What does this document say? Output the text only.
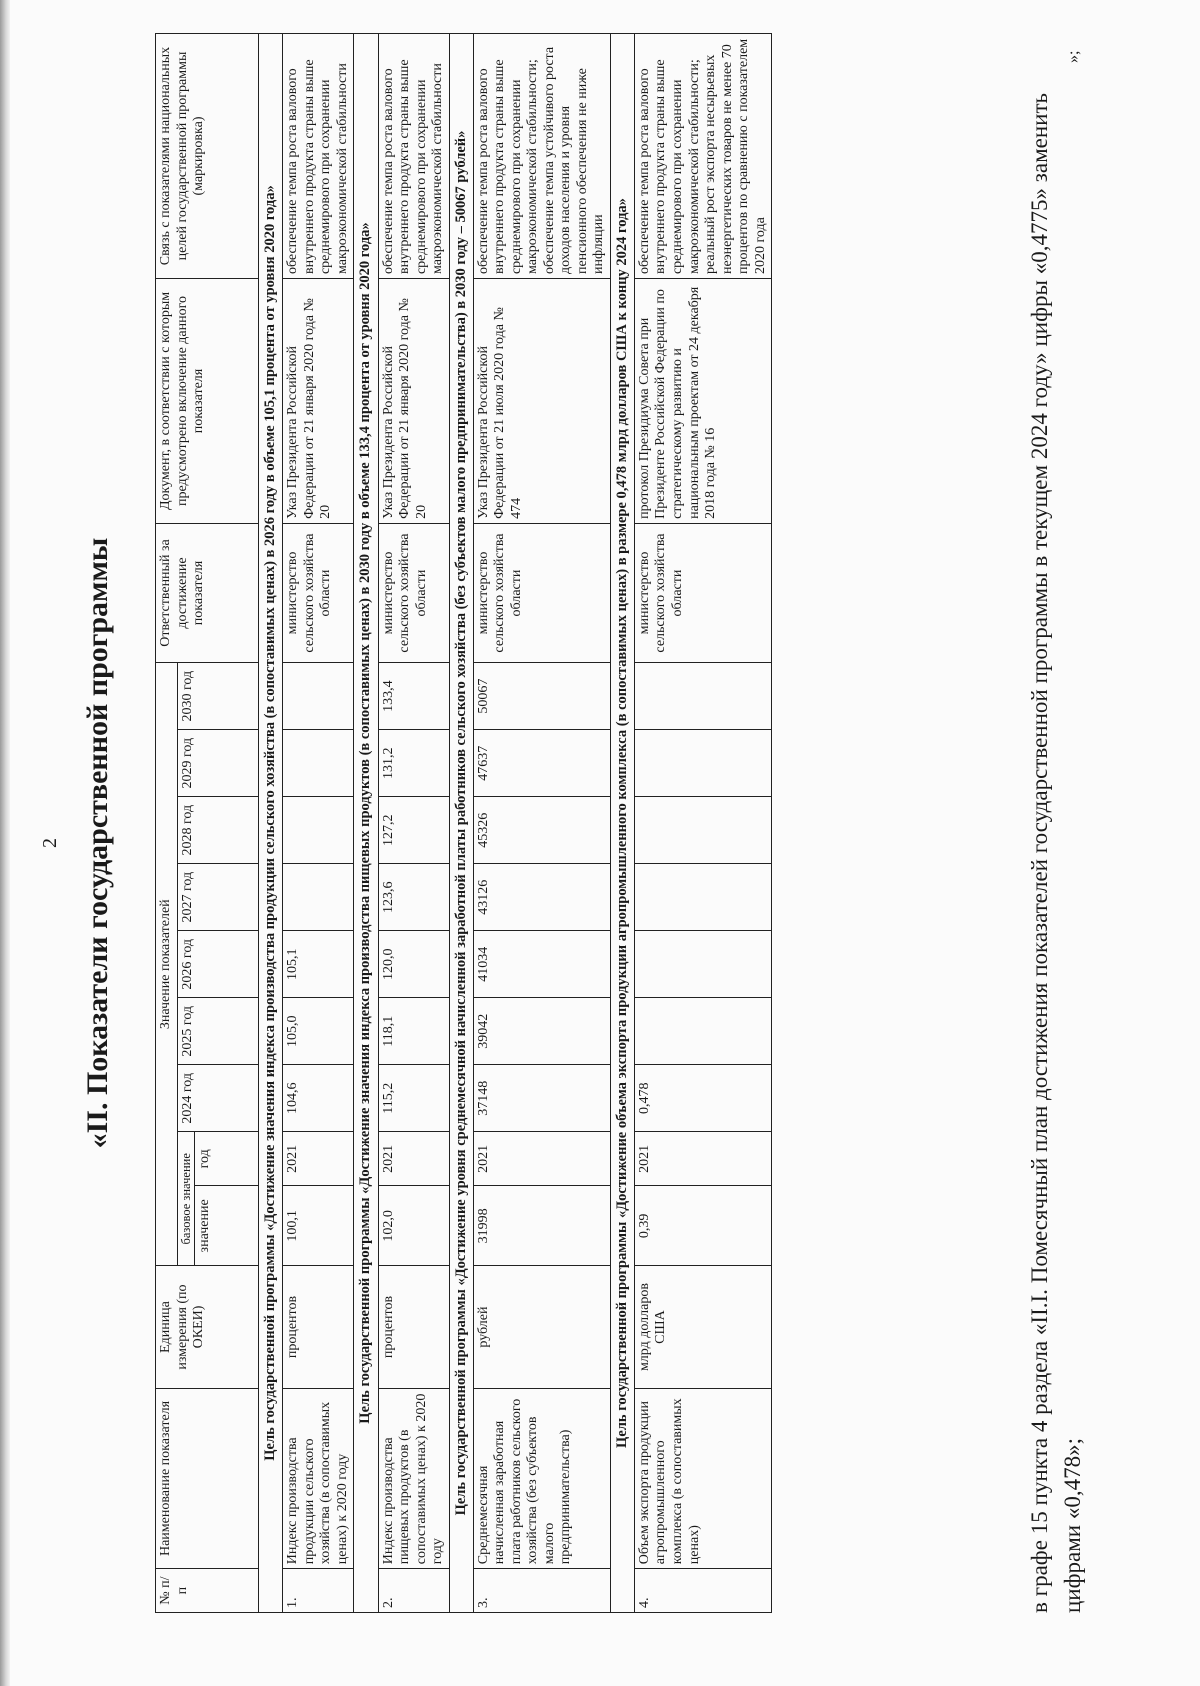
2 «II. Показатели государственной программы
№ п/п	Наименование показателя	Единица измерения (по ОКЕИ)	Значение показателей									Ответственный за достижение показателя	Документ, в соответствии с которым предусмотрено включение данного показателя	Связь с показателями национальных целей государственной программы (маркировка)
			базовое значение		2024 год	2025 год	2026 год	2027 год	2028 год	2029 год	2030 год			
			значение	год										
Цель государственной программы «Достижение значения индекса производства продукции сельского хозяйства (в сопоставимых ценах) в 2026 году в объеме 105,1 процента от уровня 2020 года»														
1.	Индекс производства продукции сельского хозяйства (в сопоставимых ценах) к 2020 году	процентов	100,1	2021	104,6	105,0	105,1					министерство сельского хозяйства области	Указ Президента Российской Федерации от 21 января 2020 года № 20	обеспечение темпа роста валового внутреннего продукта страны выше среднемирового при сохранении макроэкономической стабильности
Цель государственной программы «Достижение значения индекса производства пищевых продуктов (в сопоставимых ценах) в 2030 году в объеме 133,4 процента от уровня 2020 года»														
2.	Индекс производства пищевых продуктов (в сопоставимых ценах) к 2020 году	процентов	102,0	2021	115,2	118,1	120,0	123,6	127,2	131,2	133,4	министерство сельского хозяйства области	Указ Президента Российской Федерации от 21 января 2020 года № 20	обеспечение темпа роста валового внутреннего продукта страны выше среднемирового при сохранении макроэкономической стабильности
Цель государственной программы «Достижение уровня среднемесячной начисленной заработной платы работников сельского хозяйства (без субъектов малого предпринимательства) в 2030 году – 50067 рублей»														
3.	Среднемесячная начисленная заработная плата работников сельского хозяйства (без субъектов малого предпринимательства)	рублей	31998	2021	37148	39042	41034	43126	45326	47637	50067	министерство сельского хозяйства области	Указ Президента Российской Федерации от 21 июля 2020 года № 474	обеспечение темпа роста валового внутреннего продукта страны выше среднемирового при сохранении макроэкономической стабильности; обеспечение темпа устойчивого роста доходов населения и уровня пенсионного обеспечения не ниже инфляции
Цель государственной программы «Достижение объема экспорта продукции агропромышленного комплекса (в сопоставимых ценах) в размере 0,478 млрд долларов США к концу 2024 года»														
4.	Объем экспорта продукции агропромышленного комплекса (в сопоставимых ценах)	млрд долларов США	0,39	2021	0,478							министерство сельского хозяйства области	протокол Президиума Совета при Президенте Российской Федерации по стратегическому развитию и национальным проектам от 24 декабря 2018 года № 16	обеспечение темпа роста валового внутреннего продукта страны выше среднемирового при сохранении макроэкономической стабильности; реальный рост экспорта несырьевых неэнергетических товаров не менее 70 процентов по сравнению с показателем 2020 года
»;
в графе 15 пункта 4 раздела «II.I. Помесячный план достижения показателей государственной программы в текущем 2024 году» цифры «0,4775» заменить цифрами «0,478»;
